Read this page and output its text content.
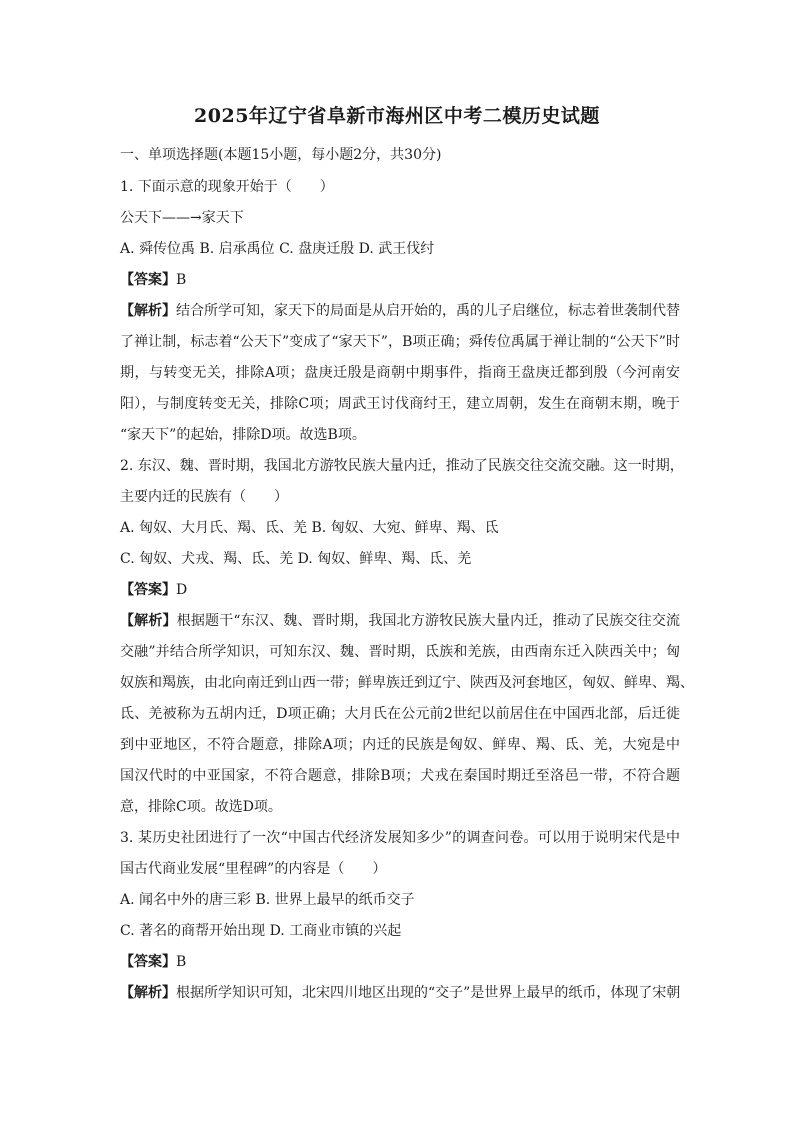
2025年辽宁省阜新市海州区中考二模历史试题
一、单项选择题(本题15小题，每小题2分，共30分)
1. 下面示意的现象开始于（　　）
公天下——→家天下
A. 舜传位禹 B. 启承禹位 C. 盘庚迁殷 D. 武王伐纣
【答案】B
【解析】结合所学可知，家天下的局面是从启开始的，禹的儿子启继位，标志着世袭制代替
了禅让制，标志着“公天下”变成了“家天下”，B项正确；舜传位禹属于禅让制的“公天下”时
期，与转变无关，排除A项；盘庚迁殷是商朝中期事件，指商王盘庚迁都到殷（今河南安
阳），与制度转变无关，排除C项；周武王讨伐商纣王，建立周朝，发生在商朝末期，晚于
“家天下”的起始，排除D项。故选B项。
2. 东汉、魏、晋时期，我国北方游牧民族大量内迁，推动了民族交往交流交融。这一时期，
主要内迁的民族有（　　）
A. 匈奴、大月氏、羯、氐、羌 B. 匈奴、大宛、鲜卑、羯、氐
C. 匈奴、犬戎、羯、氐、羌 D. 匈奴、鲜卑、羯、氐、羌
【答案】D
【解析】根据题干“东汉、魏、晋时期，我国北方游牧民族大量内迁，推动了民族交往交流
交融”并结合所学知识，可知东汉、魏、晋时期，氐族和羌族，由西南东迁入陕西关中；匈
奴族和羯族，由北向南迁到山西一带；鲜卑族迁到辽宁、陕西及河套地区，匈奴、鲜卑、羯、
氐、羌被称为五胡内迁，D项正确；大月氏在公元前2世纪以前居住在中国西北部，后迁徙
到中亚地区，不符合题意，排除A项；内迁的民族是匈奴、鲜卑、羯、氐、羌，大宛是中
国汉代时的中亚国家，不符合题意，排除B项；犬戎在秦国时期迁至洛邑一带，不符合题
意，排除C项。故选D项。
3. 某历史社团进行了一次“中国古代经济发展知多少”的调查问卷。可以用于说明宋代是中
国古代商业发展“里程碑”的内容是（　　）
A. 闻名中外的唐三彩 B. 世界上最早的纸币交子
C. 著名的商帮开始出现 D. 工商业市镇的兴起
【答案】B
【解析】根据所学知识可知，北宋四川地区出现的“交子”是世界上最早的纸币，体现了宋朝
